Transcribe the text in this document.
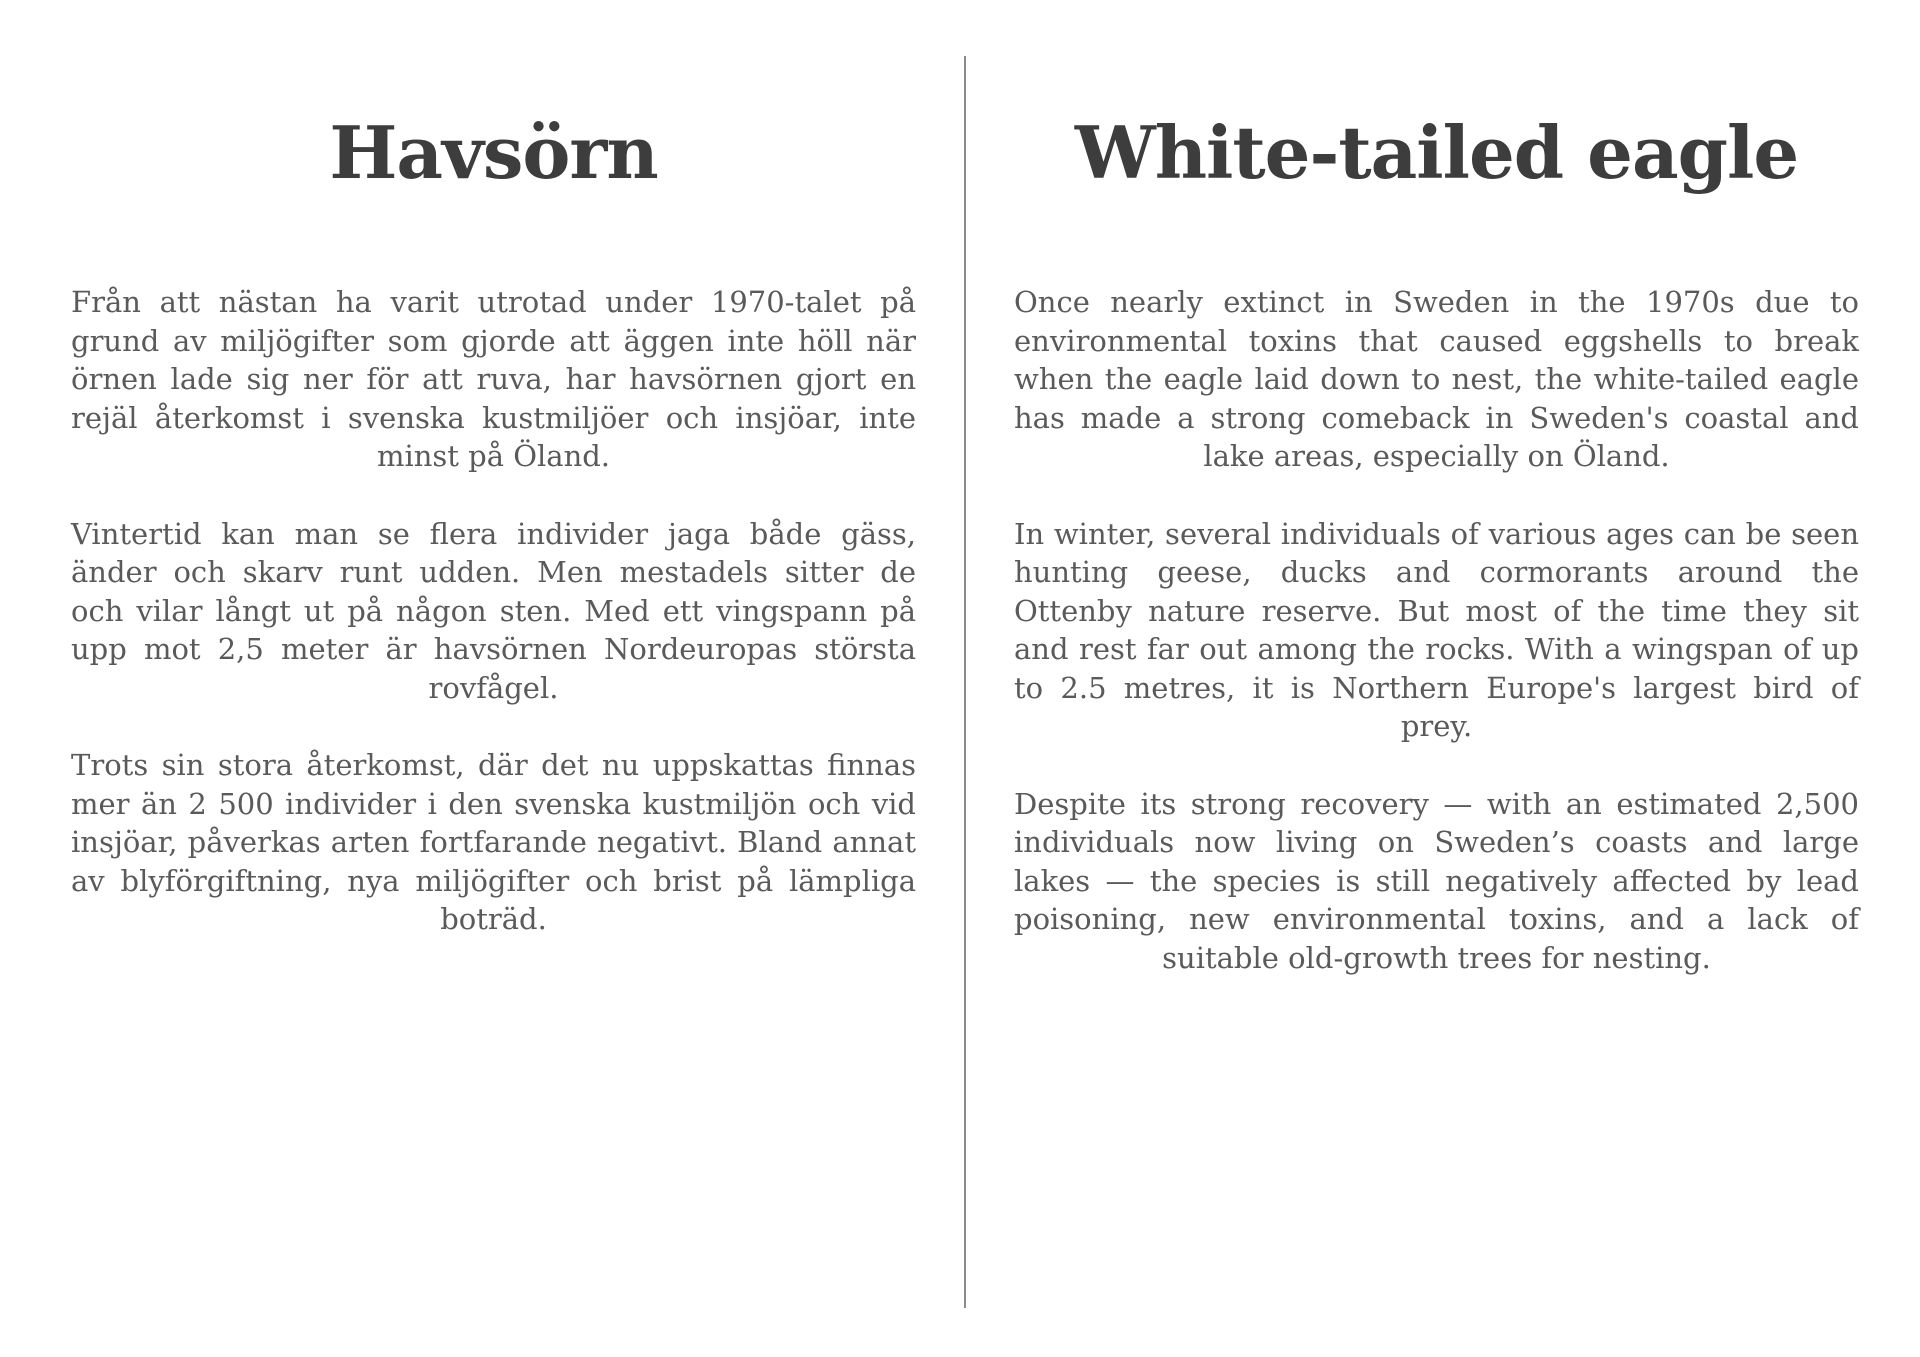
Havsörn

Från att nästan ha varit utrotad under 1970-talet på grund av miljögifter som gjorde att äggen inte höll när örnen lade sig ner för att ruva, har havsörnen gjort en rejäl återkomst i svenska kustmiljöer och insjöar, inte minst på Öland.

Vintertid kan man se flera individer jaga både gäss, änder och skarv runt udden. Men mestadels sitter de och vilar långt ut på någon sten. Med ett vingspann på upp mot 2,5 meter är havsörnen Nordeuropas största rovfågel.

Trots sin stora återkomst, där det nu uppskattas finnas mer än 2 500 individer i den svenska kustmiljön och vid insjöar, påverkas arten fortfarande negativt. Bland annat av blyförgiftning, nya miljögifter och brist på lämpliga boträd.

White-tailed eagle

Once nearly extinct in Sweden in the 1970s due to environmental toxins that caused eggshells to break when the eagle laid down to nest, the white-tailed eagle has made a strong comeback in Sweden's coastal and lake areas, especially on Öland.

In winter, several individuals of various ages can be seen hunting geese, ducks and cormorants around the Ottenby nature reserve. But most of the time they sit and rest far out among the rocks. With a wingspan of up to 2.5 metres, it is Northern Europe's largest bird of prey.

Despite its strong recovery — with an estimated 2,500 individuals now living on Sweden’s coasts and large lakes — the species is still negatively affected by lead poisoning, new environmental toxins, and a lack of suitable old-growth trees for nesting.
